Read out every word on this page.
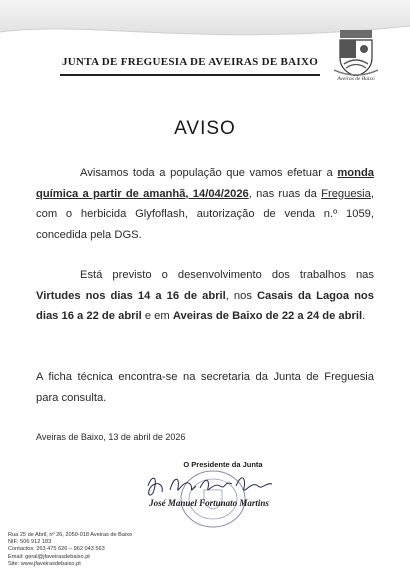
JUNTA DE FREGUESIA DE AVEIRAS DE BAIXO
Aveiras de Baixo
AVISO

Avisamos toda a população que vamos efetuar a monda química a partir de amanhã, 14/04/2026, nas ruas da Freguesia, com o herbicida Glyfoflash, autorização de venda n.º 1059, concedida pela DGS.

Está previsto o desenvolvimento dos trabalhos nas Virtudes nos dias 14 a 16 de abril, nos Casais da Lagoa nos dias 16 a 22 de abril e em Aveiras de Baixo de 22 a 24 de abril.

A ficha técnica encontra-se na secretaria da Junta de Freguesia para consulta.

Aveiras de Baixo, 13 de abril de 2026
O Presidente da Junta
José Manuel Fortunato Martins
Rua 25 de Abril, nº 26, 2050-018 Aveiras de Baixo
NIF: 506 912 183
Contactos: 263 475 626 – 962 043 563
Email: geral@jfaveirasdebaixo.pt
Site: www.jfaveirasdebaixo.pt
